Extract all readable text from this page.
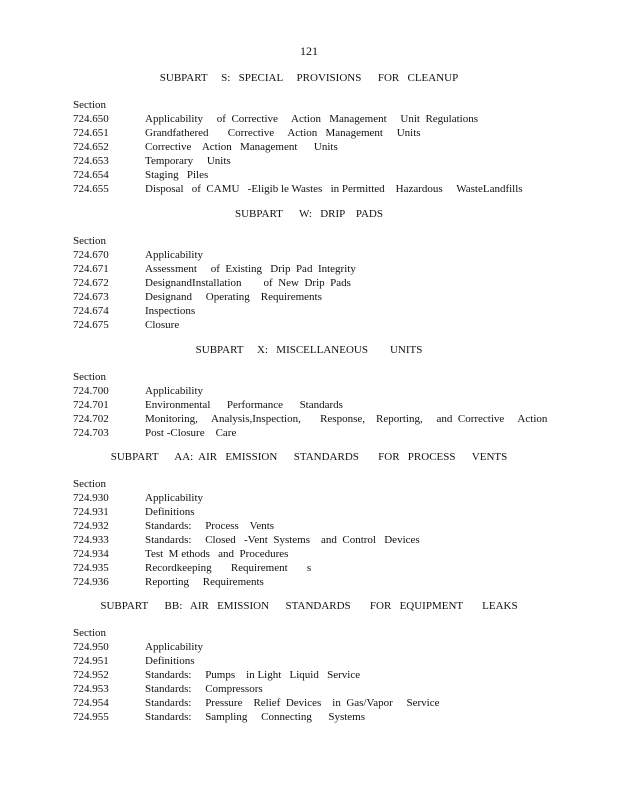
121
SUBPART     S:   SPECIAL     PROVISIONS      FOR   CLEANUP
Section
724.650	Applicability     of  Corrective     Action   Management     Unit  Regulations
724.651	Grandfathered       Corrective     Action   Management     Units
724.652	Corrective    Action   Management      Units
724.653	Temporary     Units
724.654	Staging   Piles
724.655	Disposal   of  CAMU   -Eligib le Wastes   in Permitted    Hazardous     WasteLandfills
SUBPART      W:   DRIP    PADS
Section
724.670	Applicability
724.671	Assessment     of  Existing   Drip  Pad  Integrity
724.672	DesignandInstallation        of  New  Drip  Pads
724.673	Designand     Operating    Requirements
724.674	Inspections
724.675	Closure
SUBPART     X:   MISCELLANEOUS        UNITS
Section
724.700	Applicability
724.701	Environmental      Performance      Standards
724.702	Monitoring,     Analysis,Inspection,       Response,    Reporting,     and  Corrective     Action
724.703	Post -Closure    Care
SUBPART      AA:  AIR   EMISSION      STANDARDS       FOR   PROCESS      VENTS
Section
724.930	Applicability
724.931	Definitions
724.932	Standards:     Process    Vents
724.933	Standards:     Closed   -Vent  Systems    and  Control   Devices
724.934	Test  M ethods   and  Procedures
724.935	Recordkeeping       Requirement       s
724.936	Reporting     Requirements
SUBPART      BB:   AIR   EMISSION      STANDARDS       FOR   EQUIPMENT       LEAKS
Section
724.950	Applicability
724.951	Definitions
724.952	Standards:     Pumps    in Light   Liquid   Service
724.953	Standards:     Compressors
724.954	Standards:     Pressure    Relief  Devices    in  Gas/Vapor     Service
724.955	Standards:     Sampling     Connecting      Systems
